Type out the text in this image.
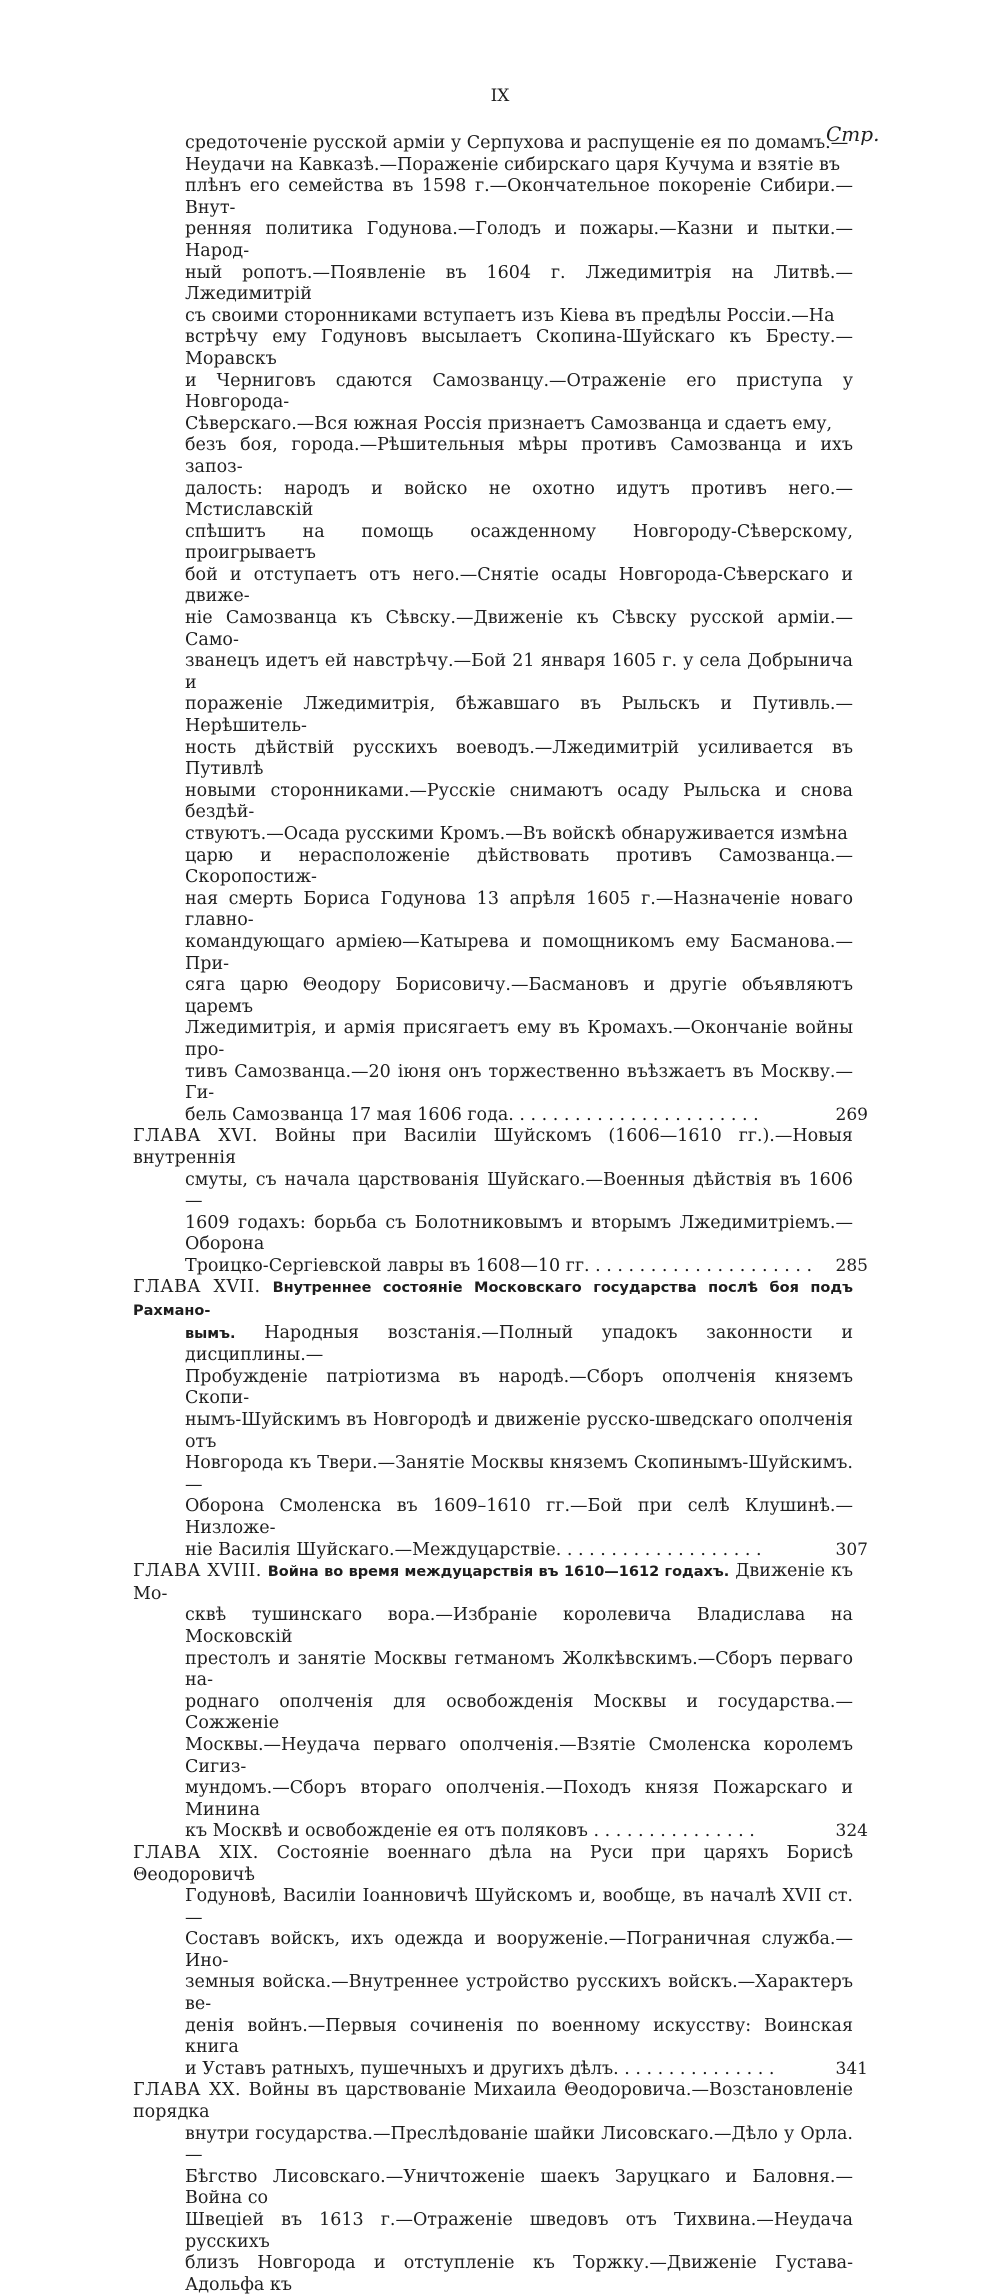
IX
Стр.
средоточеніе русской арміи у Серпухова и распущеніе ея по домамъ.—
Неудачи на Кавказѣ.—Пораженіе сибирскаго царя Кучума и взятіе въ
плѣнъ его семейства въ 1598 г.—Окончательное покореніе Сибири.—Внут-
ренняя политика Годунова.—Голодъ и пожары.—Казни и пытки.—Народ-
ный ропотъ.—Появленіе въ 1604 г. Лжедимитрія на Литвѣ.—Лжедимитрій
съ своими сторонниками вступаетъ изъ Кіева въ предѣлы Россіи.—На
встрѣчу ему Годуновъ высылаетъ Скопина-Шуйскаго къ Бресту.—Моравскъ
и Черниговъ сдаются Самозванцу.—Отраженіе его приступа у Новгорода-
Сѣверскаго.—Вся южная Россія признаетъ Самозванца и сдаетъ ему,
безъ боя, города.—Рѣшительныя мѣры противъ Самозванца и ихъ запоз-
далость: народъ и войско не охотно идутъ противъ него.—Мстиславскій
спѣшитъ на помощь осажденному Новгороду-Сѣверскому, проигрываетъ
бой и отступаетъ отъ него.—Снятіе осады Новгорода-Сѣверскаго и движе-
ніе Самозванца къ Сѣвску.—Движеніе къ Сѣвску русской арміи.—Само-
званецъ идетъ ей навстрѣчу.—Бой 21 января 1605 г. у села Добрынича и
пораженіе Лжедимитрія, бѣжавшаго въ Рыльскъ и Путивль.—Нерѣшитель-
ность дѣйствій русскихъ воеводъ.—Лжедимитрій усиливается въ Путивлѣ
новыми сторонниками.—Русскіе снимаютъ осаду Рыльска и снова бездѣй-
ствуютъ.—Осада русскими Кромъ.—Въ войскѣ обнаруживается измѣна
царю и нерасположеніе дѣйствовать противъ Самозванца.—Скоропостиж-
ная смерть Бориса Годунова 13 апрѣля 1605 г.—Назначеніе новаго главно-
командующаго арміею—Катырева и помощникомъ ему Басманова.—При-
сяга царю Θеодору Борисовичу.—Басмановъ и другіе объявляютъ царемъ
Лжедимитрія, и армія присягаетъ ему въ Кромахъ.—Окончаніе войны про-
тивъ Самозванца.—20 іюня онъ торжественно въѣзжаетъ въ Москву.—Ги-
бель Самозванца 17 мая 1606 года. . . . . . . . . . . . . . . . . . . . . . .	269
ГЛАВА XVI. Войны при Василіи Шуйскомъ (1606—1610 гг.).—Новыя внутреннія
смуты, съ начала царствованія Шуйскаго.—Военныя дѣйствія въ 1606—
1609 годахъ: борьба съ Болотниковымъ и вторымъ Лжедимитріемъ.—Оборона
Троицко-Сергіевской лавры въ 1608—10 гг. . . . . . . . . . . . . . . . . . . . . 285
ГЛАВА XVII. Внутреннее состояніе Московскаго государства послѣ боя подъ Рахмано-
вымъ. Народныя возстанія.—Полный упадокъ законности и дисциплины.—
Пробужденіе патріотизма въ народѣ.—Сборъ ополченія княземъ Скопи-
нымъ-Шуйскимъ въ Новгородѣ и движеніе русско-шведскаго ополченія отъ
Новгорода къ Твери.—Занятіе Москвы княземъ Скопинымъ-Шуйскимъ.—
Оборона Смоленска въ 1609–1610 гг.—Бой при селѣ Клушинѣ.—Низложе-
ніе Василія Шуйскаго.—Междуцарствіе. . . . . . . . . . . . . . . . . . .	307
ГЛАВА XVIII. Война во время междуцарствія въ 1610—1612 годахъ. Движеніе къ Мо-
сквѣ тушинскаго вора.—Избраніе королевича Владислава на Московскій
престолъ и занятіе Москвы гетманомъ Жолкѣвскимъ.—Сборъ перваго на-
роднаго ополченія для освобожденія Москвы и государства.—Сожженіе
Москвы.—Неудача перваго ополченія.—Взятіе Смоленска королемъ Сигиз-
мундомъ.—Сборъ втораго ополченія.—Походъ князя Пожарскаго и Минина
къ Москвѣ и освобожденіе ея отъ поляковъ . . . . . . . . . . . . . . .	324
ГЛАВА XIX. Состояніе военнаго дѣла на Руси при царяхъ Борисѣ Θеодоровичѣ
Годуновѣ, Василіи Іоанновичѣ Шуйскомъ и, вообще, въ началѣ XVII ст.—
Составъ войскъ, ихъ одежда и вооруженіе.—Пограничная служба.—Ино-
земныя войска.—Внутреннее устройство русскихъ войскъ.—Характеръ ве-
денія войнъ.—Первыя сочиненія по военному искусству: Воинская книга
и Уставъ ратныхъ, пушечныхъ и другихъ дѣлъ. . . . . . . . . . . . . . .	341
ГЛАВА XX. Войны въ царствованіе Михаила Θеодоровича.—Возстановленіе порядка
внутри государства.—Преслѣдованіе шайки Лисовскаго.—Дѣло у Орла.—
Бѣгство Лисовскаго.—Уничтоженіе шаекъ Заруцкаго и Баловня.—Война со
Швеціей въ 1613 г.—Отраженіе шведовъ отъ Тихвина.—Неудача русскихъ
близъ Новгорода и отступленіе къ Торжку.—Движеніе Густава-Адольфа къ
